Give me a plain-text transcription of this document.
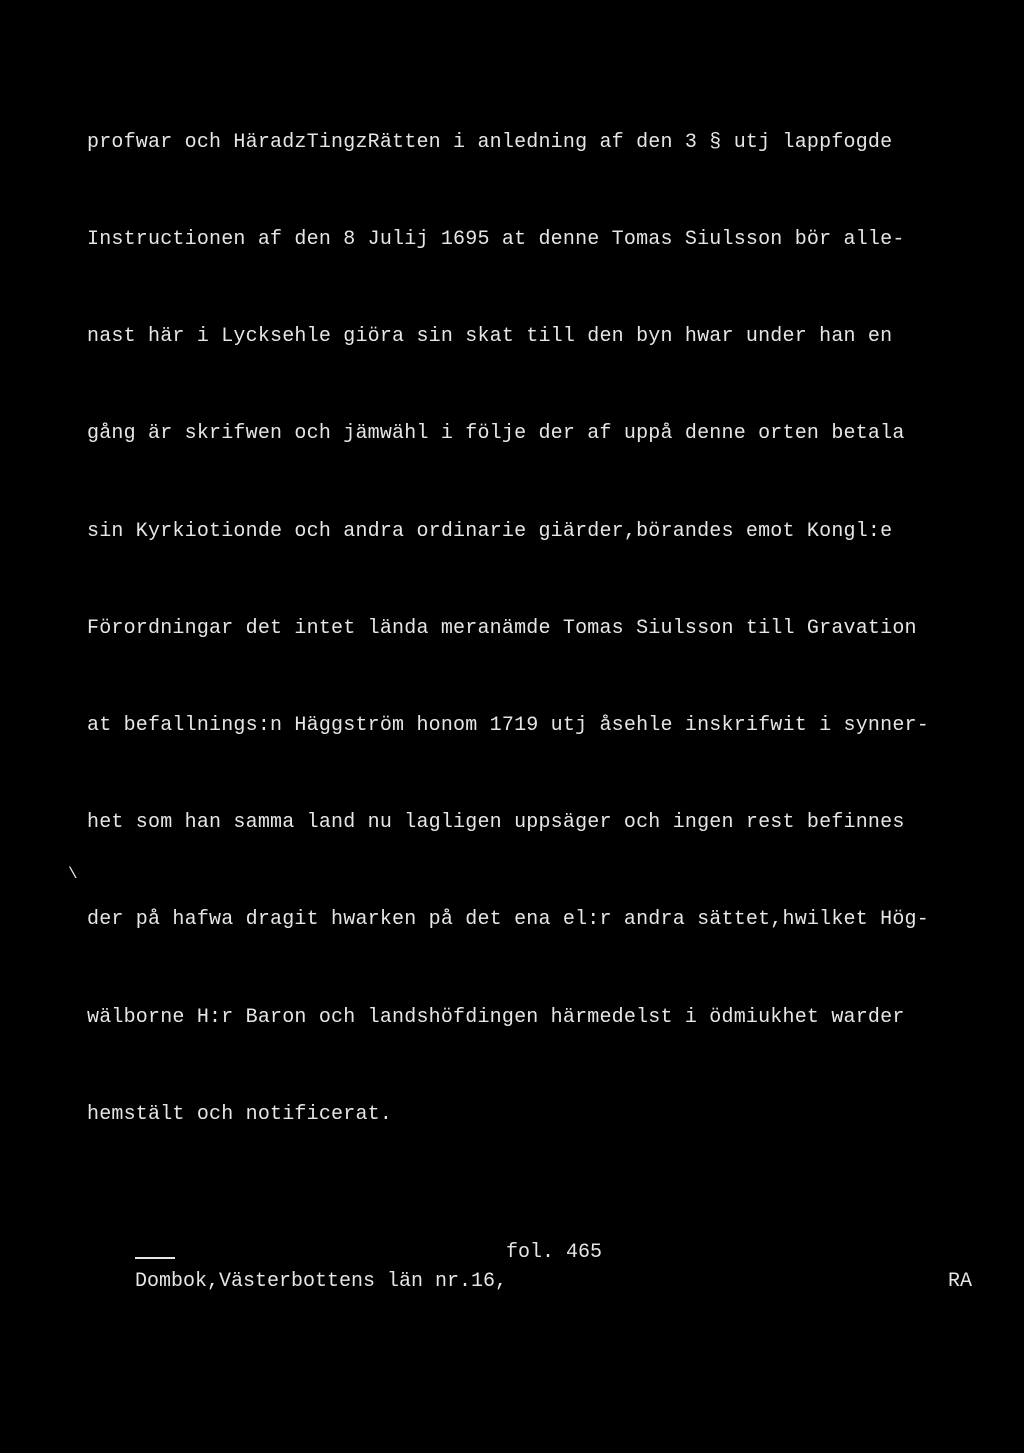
profwar och HäradzTingzRätten i anledning af den 3 § utj lappfogde

Instructionen af den 8 Julij 1695 at denne Tomas Siulsson bör alle-

nast här i Lycksehle giöra sin skat till den byn hwar under han en

gång är skrifwen och jämwähl i följe der af uppå denne orten betala

sin Kyrkiotionde och andra ordinarie giärder,börandes emot Kongl:e

Förordningar det intet lända meranämde Tomas Siulsson till Gravation

at befallnings:n Häggström honom 1719 utj åsehle inskrifwit i synner-

het som han samma land nu lagligen uppsäger och ingen rest befinnes

der på hafwa dragit hwarken på det ena el:r andra sättet,hwilket Hög-

wälborne H:r Baron och landshöfdingen härmedelst i ödmiukhet warder

hemstält och notificerat.

\
fol. 465
Dombok,Västerbottens län nr.16,	RA
